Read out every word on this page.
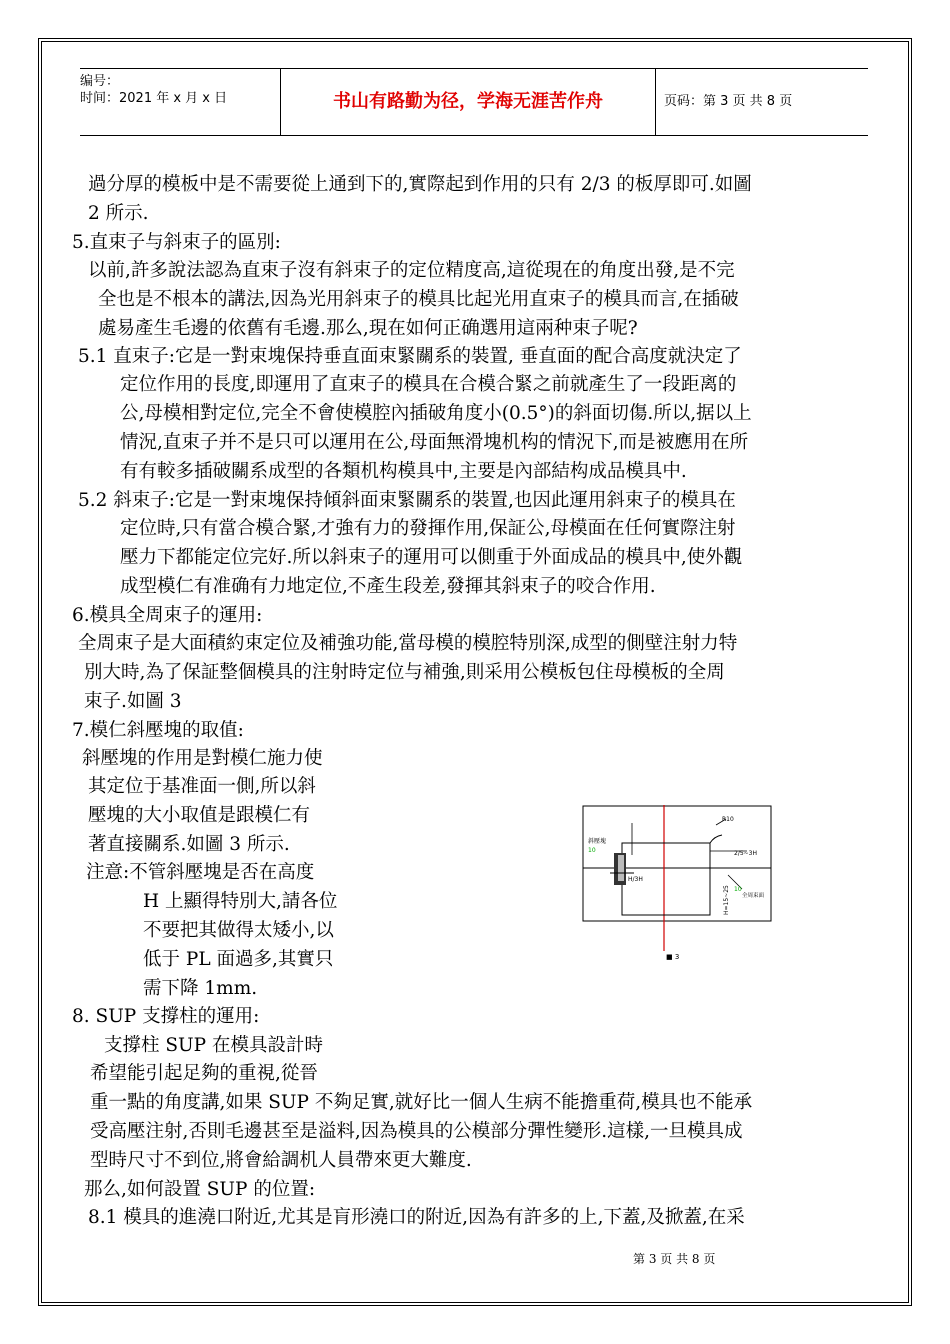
编号：
时间：2021 年 x 月 x 日	书山有路勤为径，学海无涯苦作舟	页码：第 3 页 共 8 页
過分厚的模板中是不需要從上通到下的,實際起到作用的只有 2/3 的板厚即可.如圖
2 所示.
5.直束子与斜束子的區別:
以前,許多說法認為直束子沒有斜束子的定位精度高,這從現在的角度出發,是不完
全也是不根本的講法,因為光用斜束子的模具比起光用直束子的模具而言,在插破
處易產生毛邊的依舊有毛邊.那么,現在如何正确選用這兩种束子呢?
5.1 直束子:它是一對束塊保持垂直面束緊關系的裝置, 垂直面的配合高度就決定了
定位作用的長度,即運用了直束子的模具在合模合緊之前就產生了一段距离的
公,母模相對定位,完全不會使模腔內插破角度小(0.5°)的斜面切傷.所以,据以上
情況,直束子并不是只可以運用在公,母面無滑塊机构的情況下,而是被應用在所
有有較多插破關系成型的各類机构模具中,主要是內部結构成品模具中.
5.2 斜束子:它是一對束塊保持傾斜面束緊關系的裝置,也因此運用斜束子的模具在
定位時,只有當合模合緊,才強有力的發揮作用,保証公,母模面在任何實際注射
壓力下都能定位完好.所以斜束子的運用可以側重于外面成品的模具中,使外觀
成型模仁有准确有力地定位,不產生段差,發揮其斜束子的咬合作用.
6.模具全周束子的運用:
全周束子是大面積約束定位及補強功能,當母模的模腔特別深,成型的側壁注射力特
別大時,為了保証整個模具的注射時定位与補強,則采用公模板包住母模板的全周
束子.如圖 3
7.模仁斜壓塊的取值:
斜壓塊的作用是對模仁施力使
其定位于基准面一側,所以斜
壓塊的大小取值是跟模仁有
著直接關系.如圖 3 所示.
注意:不管斜壓塊是否在高度
H 上顯得特別大,請各位
不要把其做得太矮小,以
低于 PL 面過多,其實只
需下降 1mm.
8. SUP 支撐柱的運用:
支撐柱 SUP 在模具設計時
希望能引起足夠的重視,從晉
重一點的角度講,如果 SUP 不夠足實,就好比一個人生病不能擔重荷,模具也不能承
受高壓注射,否則毛邊甚至是溢料,因為模具的公模部分彈性變形.這樣,一旦模具成
型時尺寸不到位,將會給調机人員帶來更大難度.
那么,如何設置 SUP 的位置:
8.1 模具的進澆口附近,尤其是肓形澆口的附近,因為有許多的上,下蓋,及掀蓋,在采
斜壓塊
10
R10
H/3H
2/5~3H
10
全周束面
H=15~25
■ 3
第 3 页 共 8 页
